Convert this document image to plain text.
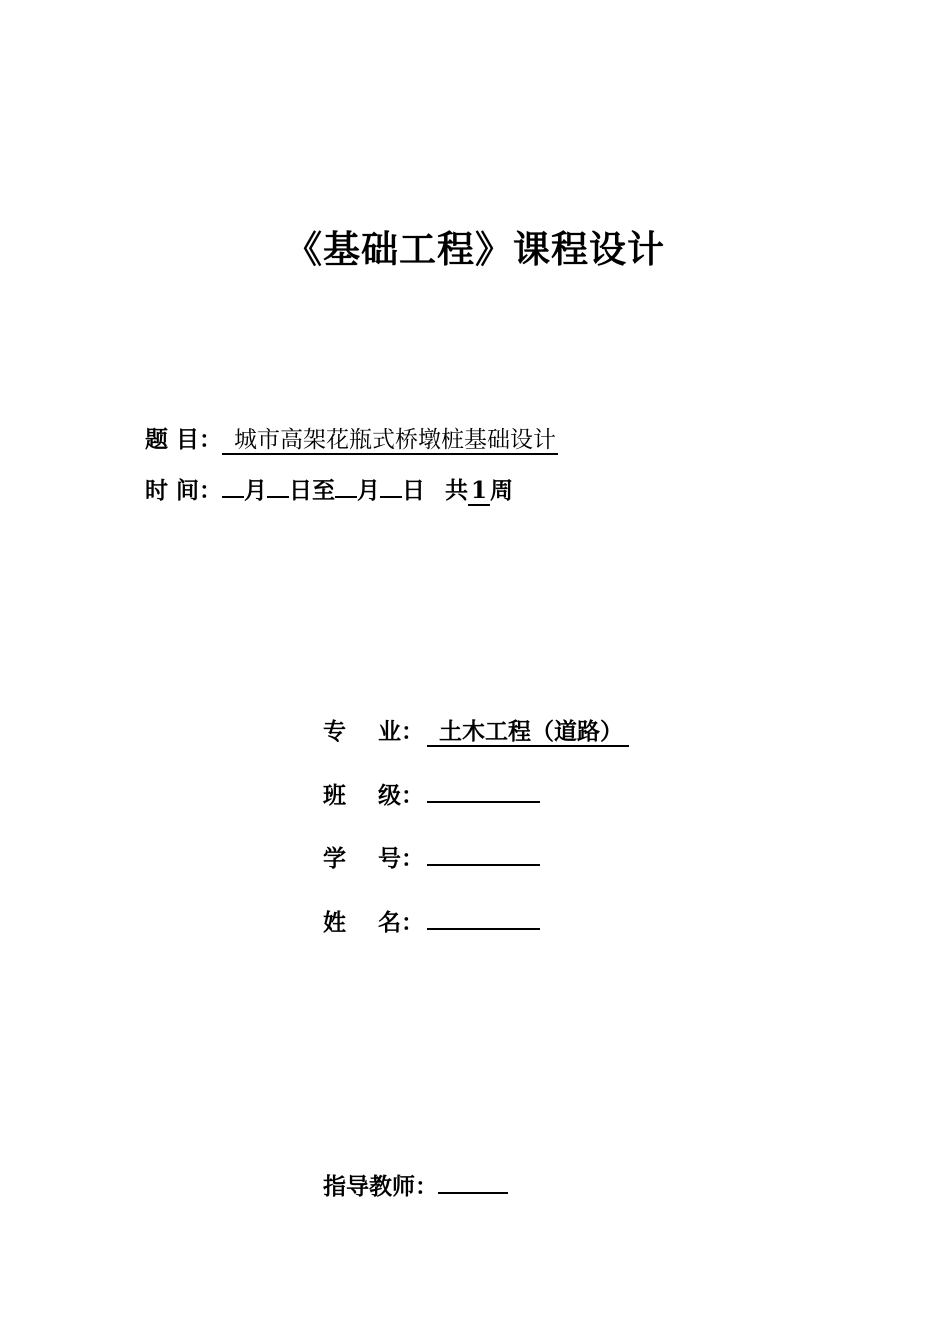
《基础工程》课程设计
题 目： 城市高架花瓶式桥墩桩基础设计
时 间： 月 日至 月 日 共 1 周
专    业： 土木工程（道路）
班    级：
学    号：
姓    名：
指导教师：
